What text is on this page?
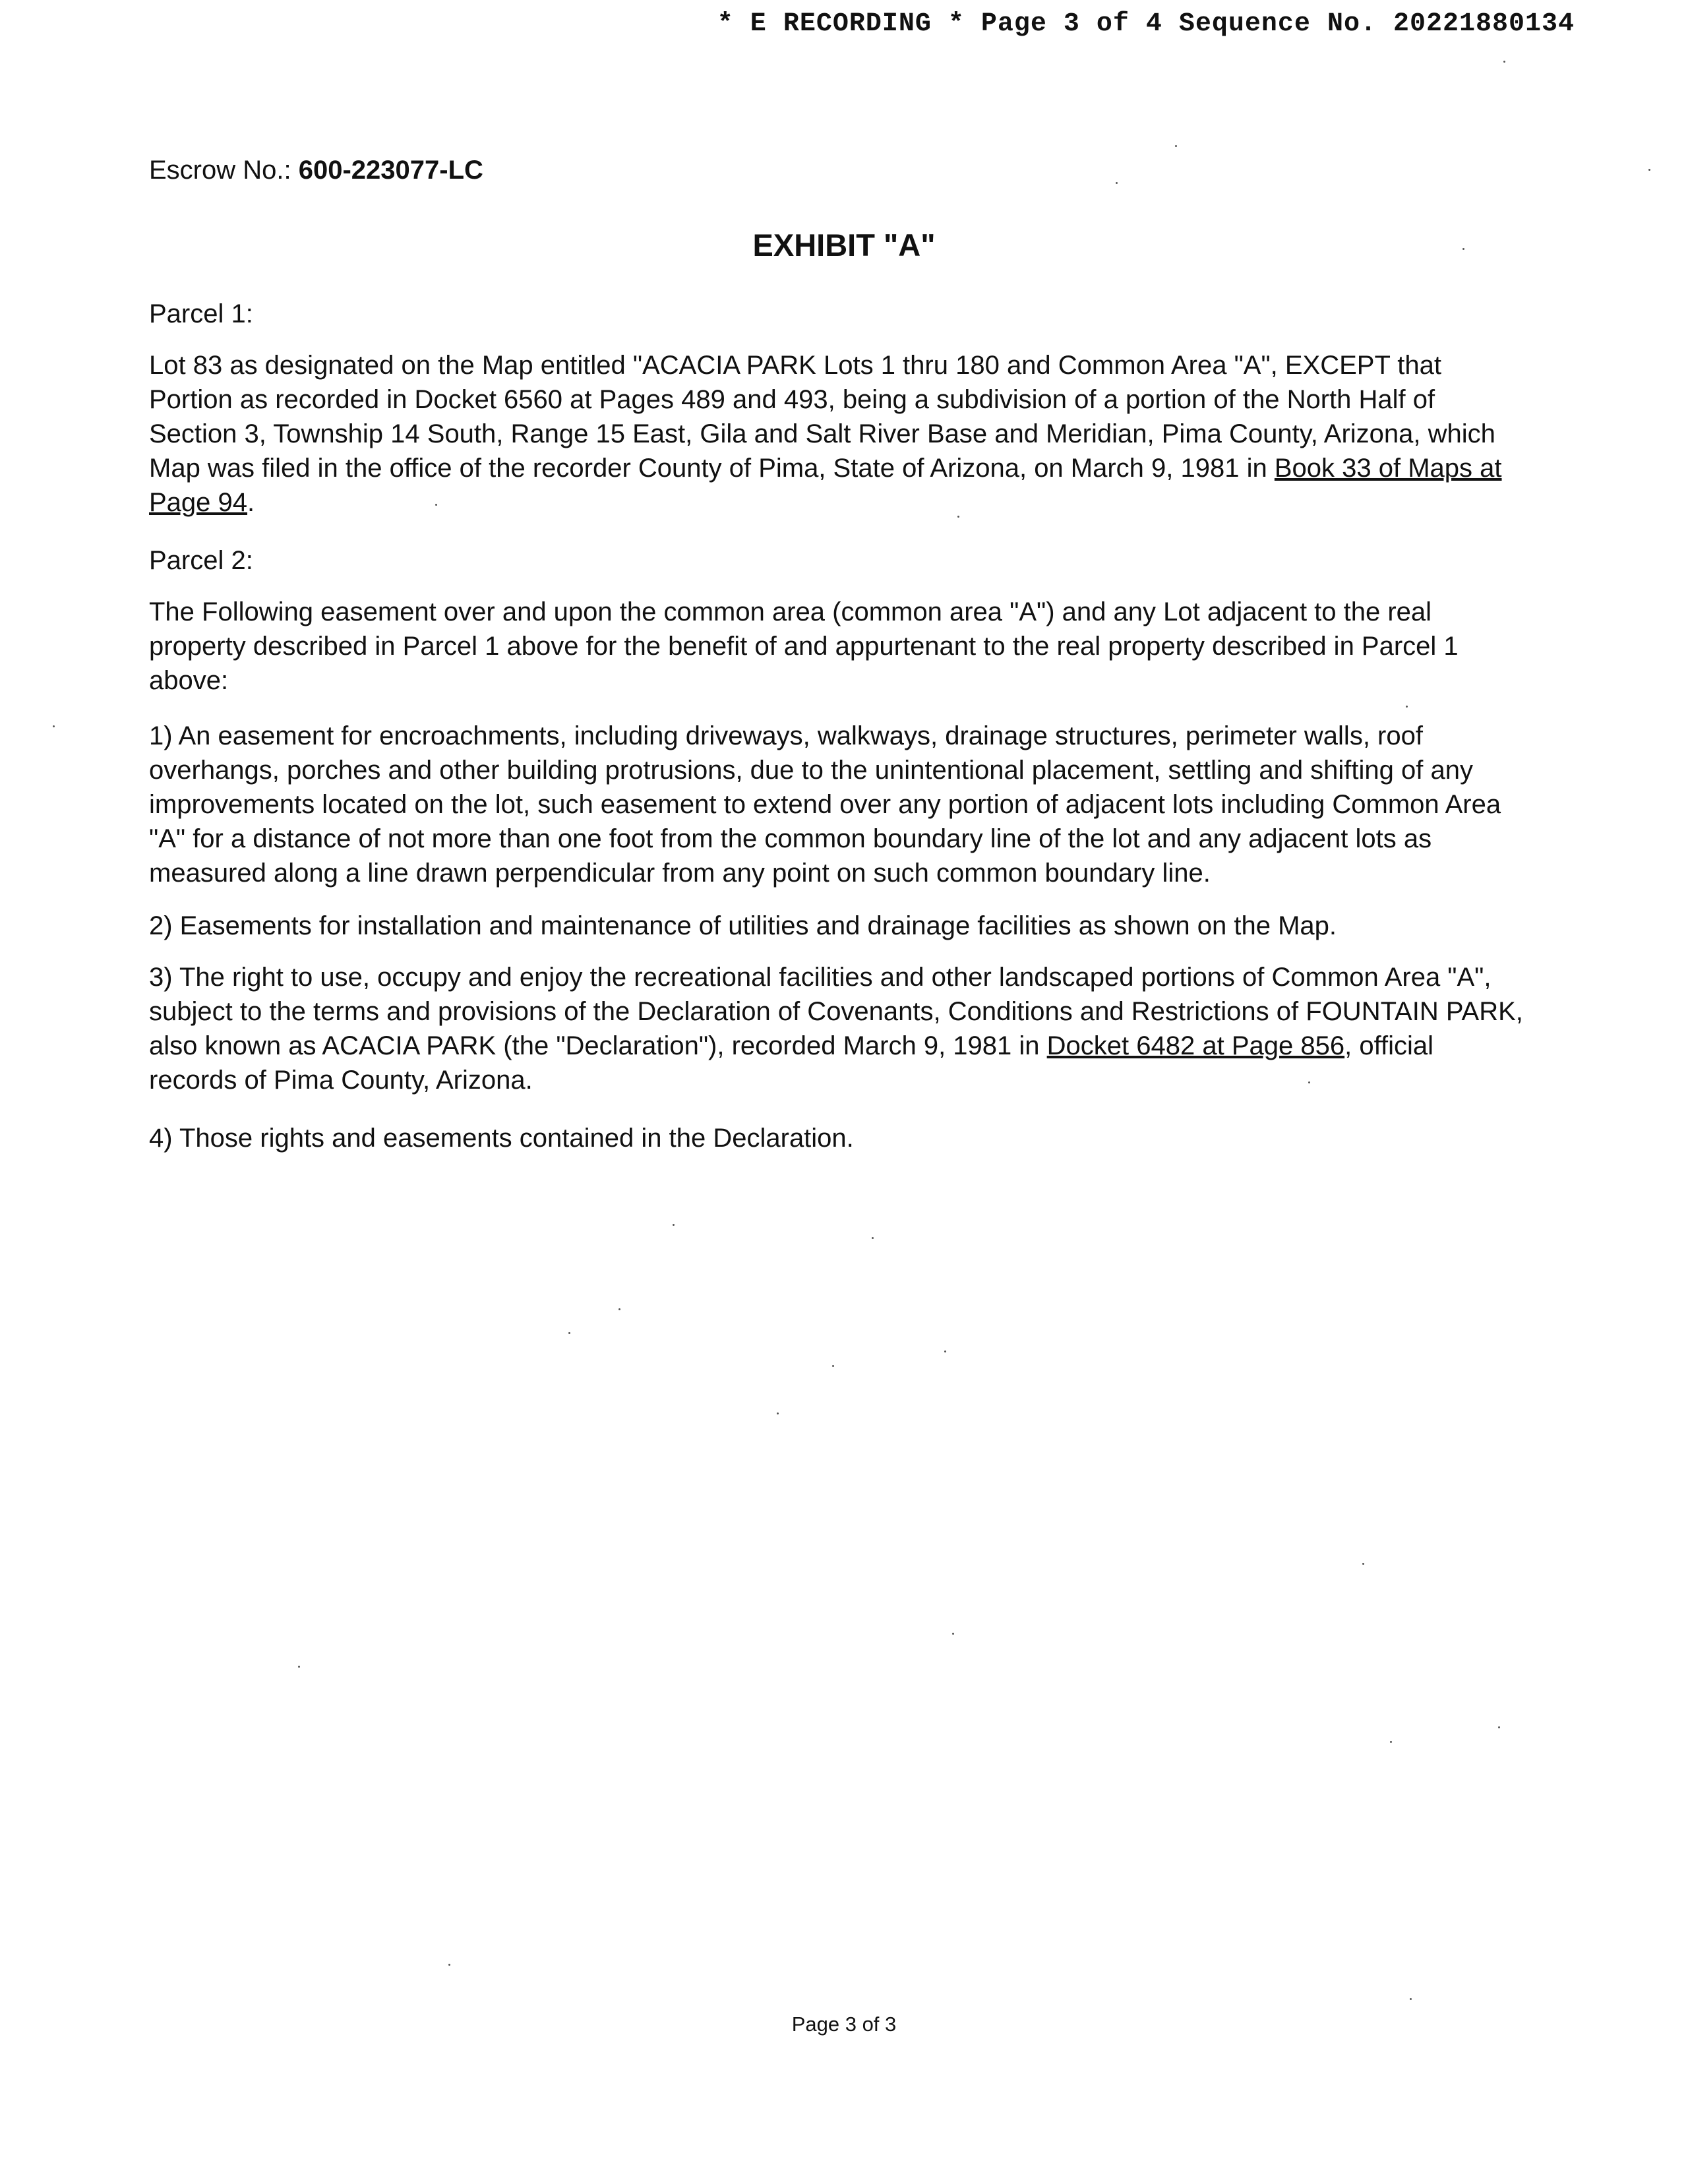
* E RECORDING * Page 3 of 4 Sequence No. 20221880134
Escrow No.: 600-223077-LC
EXHIBIT "A"
Parcel 1:

Lot 83 as designated on the Map entitled "ACACIA PARK Lots 1 thru 180 and Common Area "A", EXCEPT that Portion as recorded in Docket 6560 at Pages 489 and 493, being a subdivision of a portion of the North Half of Section 3, Township 14 South, Range 15 East, Gila and Salt River Base and Meridian, Pima County, Arizona, which Map was filed in the office of the recorder County of Pima, State of Arizona, on March 9, 1981 in Book 33 of Maps at Page 94.

Parcel 2:
The Following easement over and upon the common area (common area "A") and any Lot adjacent to the real property described in Parcel 1 above for the benefit of and appurtenant to the real property described in Parcel 1 above:
1) An easement for encroachments, including driveways, walkways, drainage structures, perimeter walls, roof overhangs, porches and other building protrusions, due to the unintentional placement, settling and shifting of any improvements located on the lot, such easement to extend over any portion of adjacent lots including Common Area "A" for a distance of not more than one foot from the common boundary line of the lot and any adjacent lots as measured along a line drawn perpendicular from any point on such common boundary line.
2) Easements for installation and maintenance of utilities and drainage facilities as shown on the Map.

3) The right to use, occupy and enjoy the recreational facilities and other landscaped portions of Common Area "A", subject to the terms and provisions of the Declaration of Covenants, Conditions and Restrictions of FOUNTAIN PARK, also known as ACACIA PARK (the "Declaration"), recorded March 9, 1981 in Docket 6482 at Page 856, official records of Pima County, Arizona.

4) Those rights and easements contained in the Declaration.
Page 3 of 3
